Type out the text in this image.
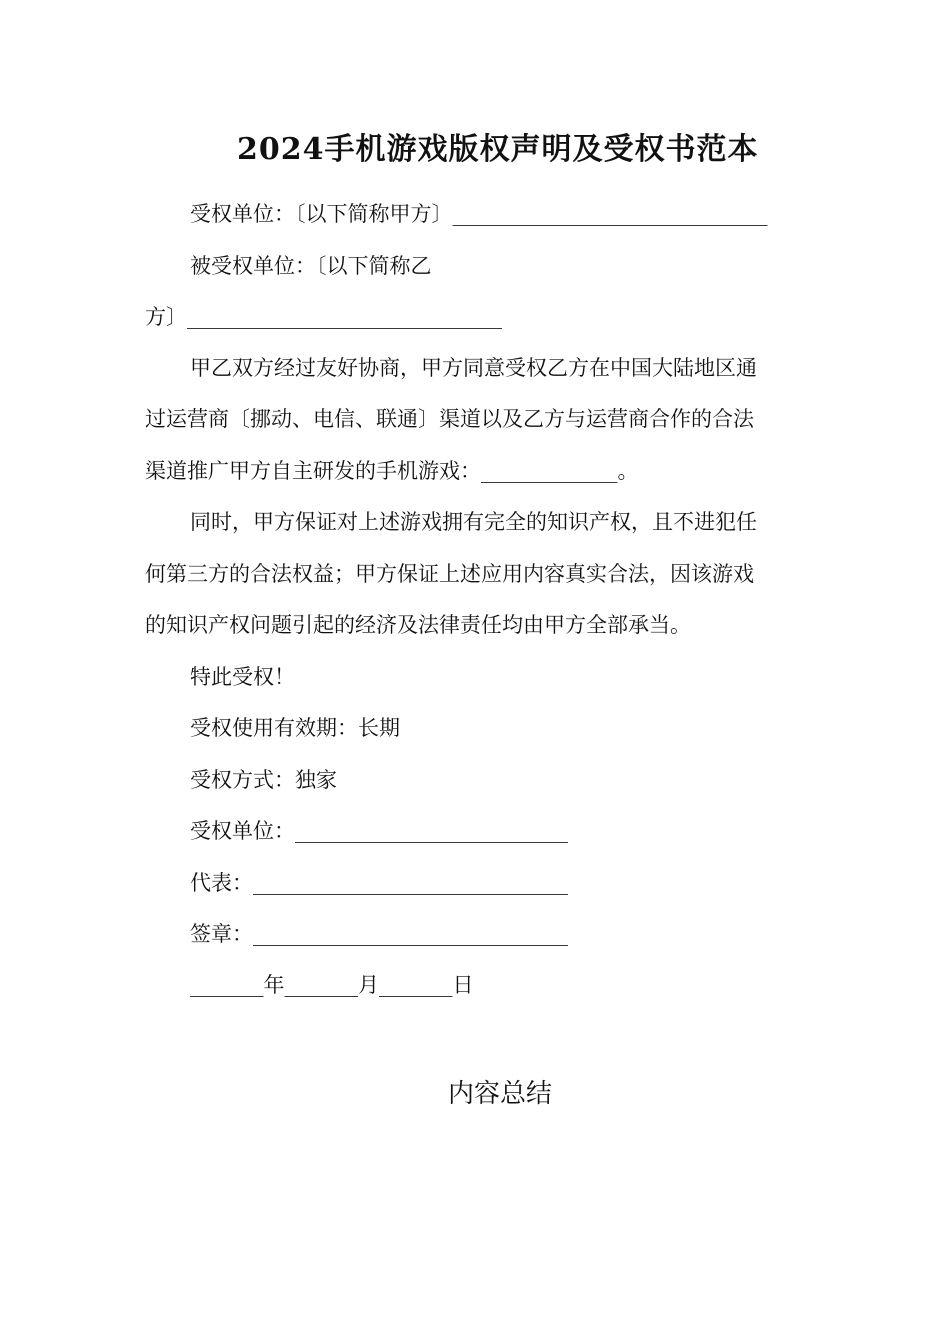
2024手机游戏版权声明及受权书范本
受权单位：〔以下简称甲方〕______________________________
被受权单位：〔以下简称乙
方〕______________________________
甲乙双方经过友好协商，甲方同意受权乙方在中国大陆地区通
过运营商〔挪动、电信、联通〕渠道以及乙方与运营商合作的合法
渠道推广甲方自主研发的手机游戏：_____________。
同时，甲方保证对上述游戏拥有完全的知识产权，且不进犯任
何第三方的合法权益；甲方保证上述应用内容真实合法，因该游戏
的知识产权问题引起的经济及法律责任均由甲方全部承当。
特此受权！
受权使用有效期：长期
受权方式：独家
受权单位：__________________________
代表：______________________________
签章：______________________________
_______年_______月_______日
内容总结
